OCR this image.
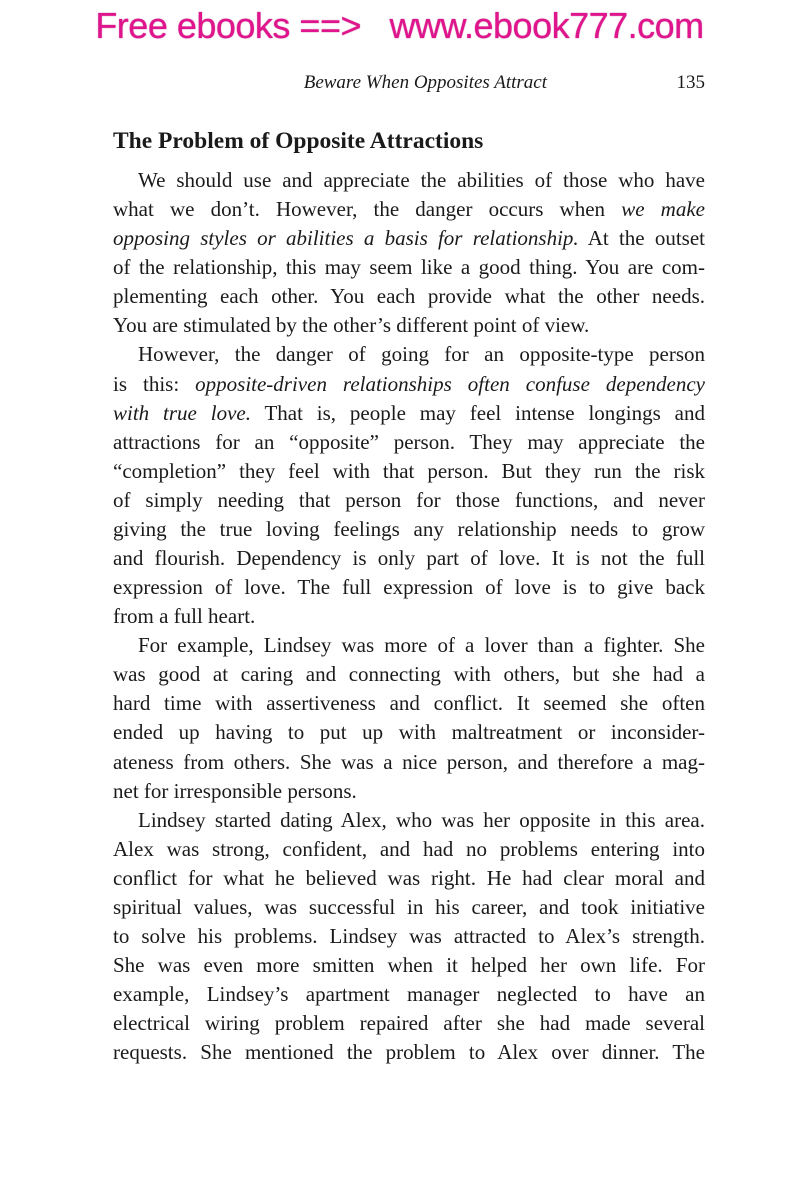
Free ebooks ==>   www.ebook777.com
Beware When Opposites Attract	135
The Problem of Opposite Attractions
We should use and appreciate the abilities of those who have
what we don’t. However, the danger occurs when we make
opposing styles or abilities a basis for relationship. At the outset
of the relationship, this may seem like a good thing. You are com-
plementing each other. You each provide what the other needs.
You are stimulated by the other’s different point of view.
However, the danger of going for an opposite-type person
is this: opposite-driven relationships often confuse dependency
with true love. That is, people may feel intense longings and
attractions for an “opposite” person. They may appreciate the
“completion” they feel with that person. But they run the risk
of simply needing that person for those functions, and never
giving the true loving feelings any relationship needs to grow
and flourish. Dependency is only part of love. It is not the full
expression of love. The full expression of love is to give back
from a full heart.
For example, Lindsey was more of a lover than a fighter. She
was good at caring and connecting with others, but she had a
hard time with assertiveness and conflict. It seemed she often
ended up having to put up with maltreatment or inconsider-
ateness from others. She was a nice person, and therefore a mag-
net for irresponsible persons.
Lindsey started dating Alex, who was her opposite in this area.
Alex was strong, confident, and had no problems entering into
conflict for what he believed was right. He had clear moral and
spiritual values, was successful in his career, and took initiative
to solve his problems. Lindsey was attracted to Alex’s strength.
She was even more smitten when it helped her own life. For
example, Lindsey’s apartment manager neglected to have an
electrical wiring problem repaired after she had made several
requests. She mentioned the problem to Alex over dinner. The
